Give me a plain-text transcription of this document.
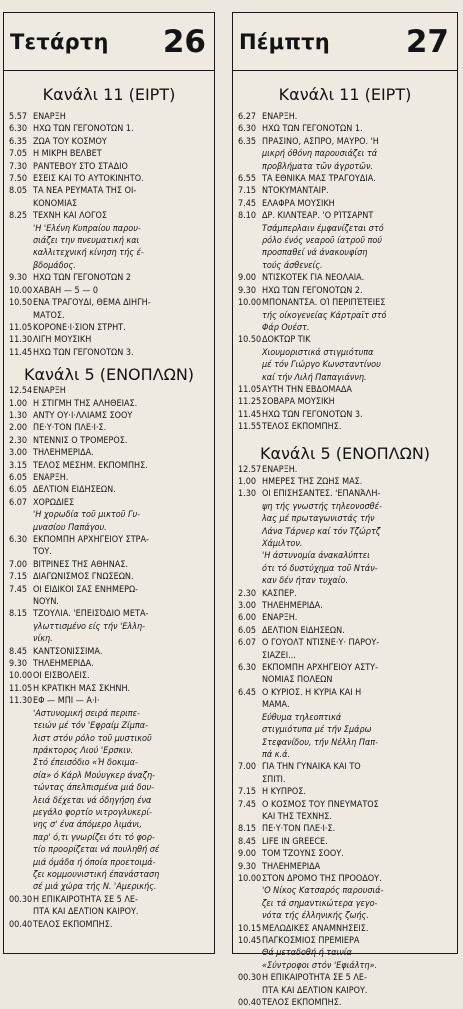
Τετάρτη 26
Κανάλι 11 (ΕΙΡΤ)
5.57 ΕΝΑΡΞΗ
6.30 ΗΧΩ ΤΩΝ ΓΕΓΟΝΟΤΩΝ 1.
6.35 ΖΩΑ ΤΟΥ ΚΟΣΜΟΥ
7.05 Η ΜΙΚΡΗ ΒΕΛΒΕΤ
7.30 ΡΑΝΤΕΒΟΥ ΣΤΟ ΣΤΑΔΙΟ
7.50 ΕΣΕΙΣ ΚΑΙ ΤΟ ΑΥΤΟΚΙΝΗΤΟ.
8.05 ΤΑ ΝΕΑ ΡΕΥΜΑΤΑ ΤΗΣ ΟΙ-
ΚΟΝΟΜΙΑΣ
8.25 ΤΕΧΝΗ ΚΑΙ ΛΟΓΟΣ
'Η 'Ελένη Κυπραίου παρου-
σιάζει την πνευματική και
καλλιτεχνική κίνηση τής έ-
βδομάδος.
9.30 ΗΧΩ ΤΩΝ ΓΕΓΟΝΟΤΩΝ 2
10.00 ΧΑΒΑΗ — 5 — 0
10.50 ΕΝΑ ΤΡΑΓΟΥΔΙ, ΘΕΜΑ ΔΙΗΓΗ-
ΜΑΤΟΣ.
11.05 ΚΟΡΟΝΕ·Ι·ΣΙΟΝ ΣΤΡΗΤ.
11.30 ΛΙΓΗ ΜΟΥΣΙΚΗ
11.45 ΗΧΩ ΤΩΝ ΓΕΓΟΝΟΤΩΝ 3.
Κανάλι 5 (ΕΝΟΠΛΩΝ)
12.54 ΕΝΑΡΞΗ
1.00 Η ΣΤΙΓΜΗ ΤΗΣ ΑΛΗΘΕΙΑΣ.
1.30 ΑΝΤΥ ΟΥ·Ι·ΛΛΙΑΜΣ ΣΟΟΥ
2.00 ΠΕ·Υ·ΤΟΝ ΠΛΕ·Ι·Σ.
2.30 ΝΤΕΝΝΙΣ Ο ΤΡΟΜΕΡΟΣ.
3.00 ΤΗΛΕΗΜΕΡΙΔΑ.
3.15 ΤΕΛΟΣ ΜΕΣΗΜ. ΕΚΠΟΜΠΗΣ.
6.05 ΕΝΑΡΞΗ.
6.05 ΔΕΛΤΙΟΝ ΕΙΔΗΣΕΩΝ.
6.07 ΧΟΡΩΔΙΕΣ
'Η χορωδία τοῦ μικτοῦ Γυ-
μνασίου Παπάγου.
6.30 ΕΚΠΟΜΠΗ ΑΡΧΗΓΕΙΟΥ ΣΤΡΑ-
ΤΟΥ.
7.00 ΒΙΤΡΙΝΕΣ ΤΗΣ ΑΘΗΝΑΣ.
7.15 ΔΙΑΓΩΝΙΣΜΟΣ ΓΝΩΣΕΩΝ.
7.45 ΟΙ ΕΙΔΙΚΟΙ ΣΑΣ ΕΝΗΜΕΡΩ-
ΝΟΥΝ.
8.15 ΤΖΟΥΛΙΑ. 'ΕΠΕΙΣΌΔΙΟ ΜΕΤΑ-
γλωττισμένο είς τήν 'Ελλη-
νίκη.
8.45 ΚΑΝΤΣΟΝΙΣΣΙΜΑ.
9.30 ΤΗΛΕΗΜΕΡΙΔΑ.
10.00 ΟΙ ΕΙΣΒΟΛΕΙΣ.
11.05 Η ΚΡΑΤΙΚΗ ΜΑΣ ΣΚΗΝΗ.
11.30 ΕΦ — ΜΠΙ — Α·Ι·
'Αστυνομική σειρά περιπε-
τειών μέ τόν 'Εφραίμ Ζίμπα-
λιστ στόν ρόλο τοῦ μυστικοῦ
πράκτορος Λιού 'Ερσκιν.
Στό έπεισόδιο «Ή δοκιμα-
σία» ό Κάρλ Μούυγκερ άναζη-
τώντας άπελπισμένα μιά δου-
λειά δέχεται νά όδηγήση ένα
μεγάλο φορτίο νιτρογλυκερί-
νης σ' ένα άπόμερο λιμάνι,
παρ' ό,τι γνωρίζει ότι τό φορ-
τίο προορίζεται νά πουληθή σέ
μιά όμάδα ή όποία προετοιμά-
ζει κομμουνιστική έπανάσταση
σέ μιά χώρα τής Ν. 'Αμερικής.
00.30 Η ΕΠΙΚΑΙΡΟΤΗΤΑ ΣΕ 5 ΛΕ-
ΠΤΑ ΚΑΙ ΔΕΛΤΙΟΝ ΚΑΙΡΟΥ.
00.40 ΤΕΛΟΣ ΕΚΠΟΜΠΗΣ.
Πέμπτη 27
Κανάλι 11 (ΕΙΡΤ)
6.27 ΕΝΑΡΞΗ.
6.30 ΗΧΩ ΤΩΝ ΓΕΓΟΝΟΤΩΝ 1.
6.35 ΠΡΑΣΙΝΟ, ΑΣΠΡΟ, ΜΑΥΡΟ. 'Η
μικρή όθόνη παρουσιάζει τά
προβλήματα τῶν άγροτῶν.
6.55 ΤΑ ΕΘΝΙΚΑ ΜΑΣ ΤΡΑΓΟΥΔΙΑ.
7.15 ΝΤΟΚΥΜΑΝΤΑΙΡ.
7.45 ΕΛΑΦΡΑ ΜΟΥΣΙΚΗ
8.10 ΔΡ. ΚΙΛΝΤΕΑΡ. 'Ο ΡΊΤΣΑΡΝΤ
Τσάμπερλαιν έμφανίζεται στό
ρόλο ένός νεαροῦ ίατροῦ πού
προσπαθεί νά άνακουφίση
τούς άσθενείς.
9.00 ΝΤΙΣΚΟΤΕΚ ΓΙΑ ΝΕΟΛΑΙΑ.
9.30 ΗΧΩ ΤΩΝ ΓΕΓΟΝΟΤΩΝ 2.
10.00 ΜΠΟΝΑΝΤΣΑ. ΟΊ ΠΕΡΙΠΈΤΕΙΕΣ
τής οίκογενείας Κάρτραϊτ στό
Φάρ Ουέστ.
10.50 ΔΟΚΤΩΡ ΤΙΚ
Χιουμοριστικά στιγμιότυπα
μέ τόν Γιώργο Κωνσταντίνου
καί τήν Λιλή Παπαγιάννη.
11.05 ΑΥΤΗ ΤΗΝ ΕΒΔΟΜΑΔΑ
11.25 ΣΟΒΑΡΑ ΜΟΥΣΙΚΗ
11.45 ΗΧΩ ΤΩΝ ΓΕΓΟΝΟΤΩΝ 3.
11.55 ΤΕΛΟΣ ΕΚΠΟΜΠΗΣ.
Κανάλι 5 (ΕΝΟΠΛΩΝ)
12.57 ΕΝΑΡΞΗ.
1.00 ΗΜΕΡΕΣ ΤΗΣ ΖΩΗΣ ΜΑΣ.
1.30 ΟΙ ΕΠΙΣΗΣΑΝΤΕΣ. 'ΕΠΑΝΆΛΗ-
ψη τής γνωστής τηλεονοσθέ-
λας μέ πρωταγωνιστάς τήν
Λάνα Τάρνερ καί τόν Τζώρτζ
Χάμιλτον.
'Η άστυνομία άνακαλύπτει
ότι τό δυστύχημα τοῦ Ντάν-
καν δέν ήταν τυχαίο.
2.30 ΚΑΣΠΕΡ.
3.00 ΤΗΛΕΗΜΕΡΙΔΑ.
6.00 ΕΝΑΡΞΗ.
6.05 ΔΕΛΤΙΟΝ ΕΙΔΗΣΕΩΝ.
6.07 Ο ΓΟΥΟΛΤ ΝΤΙΣΝΕ·Υ· ΠΑΡΟΥ-
ΣΙΑΖΕΙ...
6.30 ΕΚΠΟΜΠΗ ΑΡΧΗΓΕΙΟΥ ΑΣΤΥ-
ΝΟΜΙΑΣ ΠΟΛΕΩΝ
6.45 Ο ΚΥΡΙΟΣ. Η ΚΥΡΙΑ ΚΑΙ Η
ΜΑΜΑ.
Εύθυμα τηλεοπτικά
στιγμιότυπα μέ τήν Σμάρω
Στεφανίδου, τήν Νέλλη Παπ-
πά κ.ά.
7.00 ΓΙΑ ΤΗΝ ΓΥΝΑΙΚΑ ΚΑΙ ΤΟ
ΣΠΙΤΙ.
7.15 Η ΚΥΠΡΟΣ.
7.45 Ο ΚΟΣΜΟΣ ΤΟΥ ΠΝΕΥΜΑΤΟΣ
ΚΑΙ ΤΗΣ ΤΕΧΝΗΣ.
8.15 ΠΕ·Υ·ΤΟΝ ΠΛΕ·Ι·Σ.
8.45 LIFE IN GREECE.
9.00 ΤΟΜ ΤΖΟΥΝΣ ΣΟΟΥ.
9.30 ΤΗΛΕΗΜΕΡΙΔΑ
10.00 ΣΤΟΝ ΔΡΟΜΟ ΤΗΣ ΠΡΟΟΔΟΥ.
'Ο Νίκος Κατσαρός παρουσιά-
ζει τά σημαντικώτερα γεγο-
νότα τής έλληνικής ζωής.
10.15 ΜΕΛΩΔΙΚΕΣ ΑΝΑΜΝΗΣΕΙΣ.
10.45 ΠΑΓΚΟΣΜΙΟΣ ΠΡΕΜΙΕΡΑ
Θά μεταδοθή ή ταινία
«Σύντροφοι στόν 'Εφιάλτη».
00.30 Η ΕΠΙΚΑΙΡΟΤΗΤΑ ΣΕ 5 ΛΕ-
ΠΤΑ ΚΑΙ ΔΕΛΤΙΟΝ ΚΑΙΡΟΥ.
00.40 ΤΕΛΟΣ ΕΚΠΟΜΠΗΣ.
